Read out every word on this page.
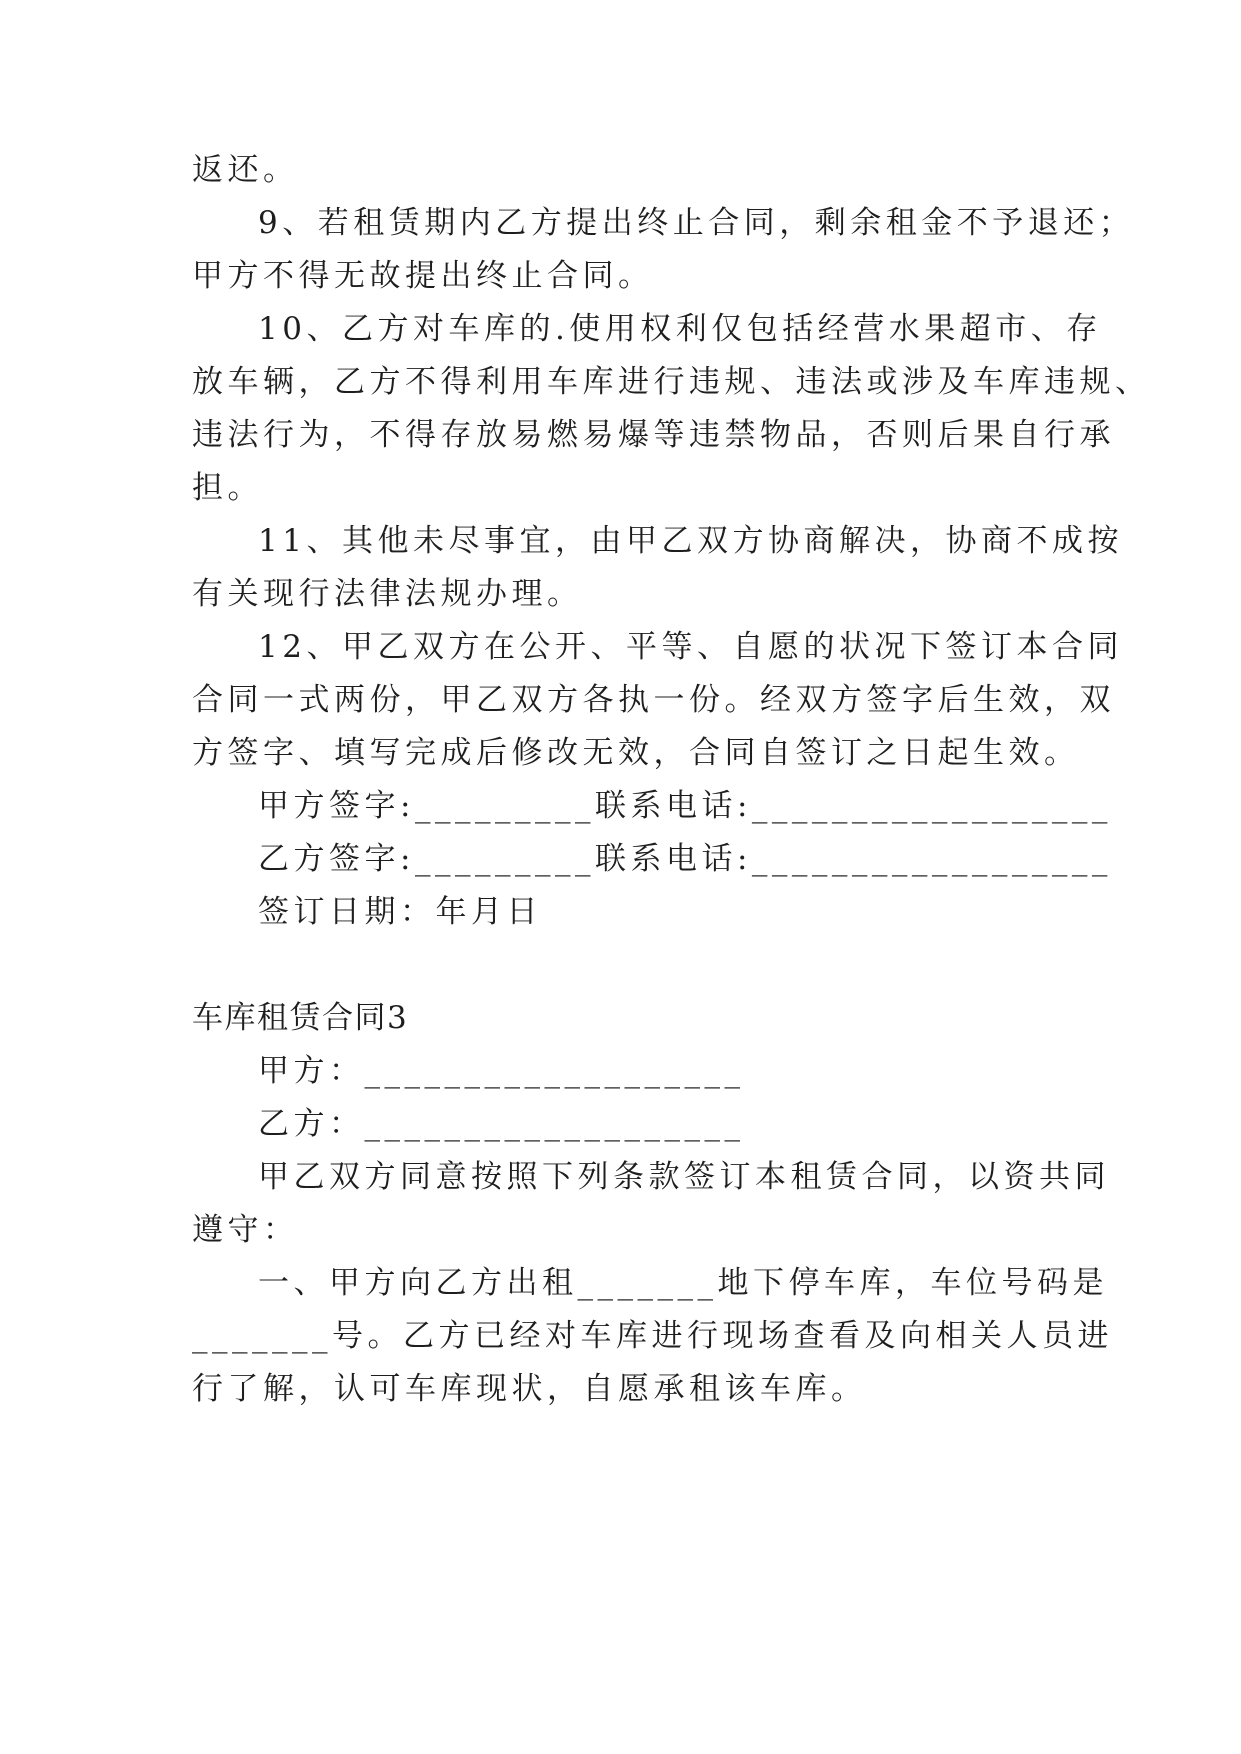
返还。
9、若租赁期内乙方提出终止合同，剩余租金不予退还；
甲方不得无故提出终止合同。
10、乙方对车库的.使用权利仅包括经营水果超市、存
放车辆，乙方不得利用车库进行违规、违法或涉及车库违规、
违法行为，不得存放易燃易爆等违禁物品，否则后果自行承
担。
11、其他未尽事宜，由甲乙双方协商解决，协商不成按
有关现行法律法规办理。
12、甲乙双方在公开、平等、自愿的状况下签订本合同
合同一式两份，甲乙双方各执一份。经双方签字后生效，双
方签字、填写完成后修改无效，合同自签订之日起生效。
甲方签字:_________联系电话:__________________
乙方签字:_________联系电话:__________________
签订日期：年月日
车库租赁合同3
甲方：___________________
乙方：___________________
甲乙双方同意按照下列条款签订本租赁合同，以资共同
遵守：
一、甲方向乙方出租_______地下停车库，车位号码是
_______号。乙方已经对车库进行现场查看及向相关人员进
行了解，认可车库现状，自愿承租该车库。
